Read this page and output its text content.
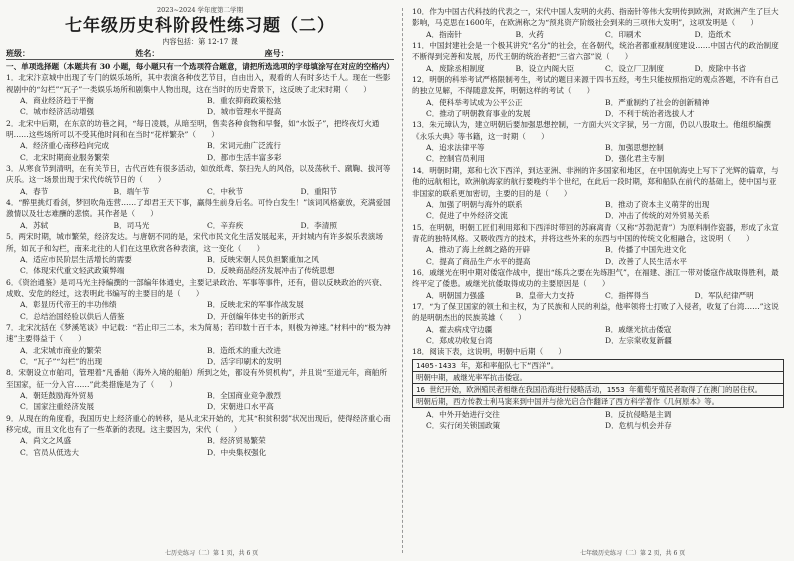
2023~2024 学年度第二学期
七年级历史科阶段性练习题（二）
内容包括：第 12-17 课
班级：	姓名：	座号：
一、单项选择题（本题共有 30 小题，每小题只有一个选项符合题意，请把所选选项的字母填涂写在对应的空格内）
1．北宋汴京城中出现了专门的娱乐场所，其中表演各种伎艺节目，自由出入，观看的人有时多达千人。现在一些影视剧中的“勾栏”“瓦子”一类娱乐场所和剧集中人物出现，这在当时的历史背景下，这反映了北宋时期（　　）
A．商业经济趋于平衡	B．重农抑商政策松弛
C．城市经济活动增强	D．城市管理水平提高
2．北宋中后期，在东京的坊巷之间，“每日凌晨，从暗至明，售卖各种食物和早餐，如“水饭子”，把终夜灯火通明……这些场所可以不受其他时间和在当时“花样繁杂”（　　）
A．经济重心南移趋向完成	B．宋词元曲广泛流行
C．北宋时期商业服务繁荣	D．都市生活丰富多彩
3．从寒食节到清明，在有关节日，古代百姓有很多活动，如放纸鸢、祭扫先人的风俗，以及荡秋千、蹴鞠、拔河等庆乐。这一场景出现于宋代传统节日的（　　）
A．春节	B．端午节	C．中秋节	D．重阳节
4．“醉里挑灯看剑，梦回吹角连营……了却君王天下事，赢得生前身后名。可怜白发生！”该词风格豪放，充满爱国激情以及壮志难酬的悲愤。其作者是（　　）
A．苏轼	B．司马光	C．辛弃疾	D．李清照
5．两宋时期，城市繁荣，经济发达。与唐朝不同的是，宋代市民文化生活发展起来，开封城内有许多娱乐表演场所，如瓦子和勾栏，南来北往的人们在这里欣赏各种表演，这一变化（　　）
A．适应市民阶层生活增长的需要	B．反映宋朝人民负担繁重加之风
C．体现宋代重文轻武政策弊端	D．反映商品经济发展冲击了传统思想
6．《资治通鉴》是司马光主持编撰的一部编年体通史，主要记录政治、军事等事件，还有，借以反映政治的兴衰、成败、安危的经过，这表明此书编写的主要目的是（　　）
A．彰显历代帝王的丰功伟绩	B．反映北宋的军事作战发展
C．总结治国经验以供后人借鉴	D．开创编年体史书的新形式
7．北宋沈括在《梦溪笔谈》中记载：“若止印三二本，未为简易；若印数十百千本，则极为神速。”材料中的“极为神速”主要得益于（　　）
A．北宋城市商业的繁荣	B．造纸术的重大改进
C．“瓦子”“勾栏”的出现	D．活字印刷术的发明
8．宋朝设立市舶司，管理着“凡番舶（海外入境的船舶）所到之处，都设有外贸机构”，并且说“至道元年，商舶所至国家，征一分入官……”此类措施是为了（　　）
A．朝廷鼓励海外贸易	B．全国商业竞争激烈
C．国家注重经济发展	D．宋朝进口水平高
9．从现在的角度看，我国历史上经济重心的转移，是从北宋开始的，尤其“积贫积弱”状况出现后，使得经济重心南移完成，而且文化也有了一些革新的表现。这主要因为，宋代（　　）
A．尚文之风盛	B．经济贸易繁荣
C．官员从低选大	D．中央集权强化
10．作为中国古代科技的代表之一，宋代中国人发明的火药、指南针等伟大发明传到欧洲，对欧洲产生了巨大影响，马克思在1600年，在欧洲称之为“预兆资产阶级社会到来的三项伟大发明”，这项发明是（　　）
A．指南针	B．火药	C．印刷术	D．造纸术
11．中国封建社会是一个极其讲究“名分”的社会，在各朝代，统治者都重视制度建设……中国古代的政治制度不断得到完善和发展，历代王朝的统治者把“三省六部”说（　　）
A．废除丞相制度	B．设立内阁大臣	C．设立厂卫制度	D．废除中书省
12．明朝的科举考试严格限制考生，考试的题目来源于四书五经，考生只能按照指定的观点答题，不许有自己的独立见解，不得随意发挥，明朝这样的考试（　　）
A．使科举考试成为公平公正	B．严重制约了社会的创新精神
C．推动了明朝教育事业的发展	D．不利于统治者选拔人才
13．朱元璋认为，建立明朝后要加强思想控制，一方面大兴文字狱，另一方面，仍以八股取士。他组织编撰《永乐大典》等书籍，这一时期（　　）
A．追求法律平等	B．加强思想控制
C．控制官员利用	D．强化君主专制
14．明朝时期，郑和七次下西洋，到达亚洲、非洲的许多国家和地区，在中国航海史上写下了光辉的篇章，与他的远航相比，欧洲航海家的航行要晚约半个世纪，在此后一段时期，郑和船队在前代的基础上，使中国与亚非国家的联系更加密切，主要的目的是（　　）
A．加强了明朝与海外的联系	B．推动了资本主义萌芽的出现
C．促进了中外经济交流	D．冲击了传统的对外贸易关系
15．在明朝，明朝工匠们利用郑和下西洋时带回的苏麻离青（又称“苏勃泥青”）为原料制作瓷器，形成了永宣青花的独特风格。又吸收西方的技术，并将这些外来的东西与中国的传统文化相融合，这说明（　　）
A．推动了海上丝绸之路的开辟	B．传播了中国先进文化
C．提高了商品生产水平的提高	D．改善了人民生活水平
16．戚继光在明中期对倭寇作战中，提出“练兵之要在先练胆气”，在福建、浙江一带对倭寇作战取得胜利，最终平定了倭患。戚继光抗倭取得成功的主要原因是（　　）
A．明朝国力强盛	B．皇帝大力支持	C．指挥得当	D．军队纪律严明
17．“为了保卫国家的领土和主权，为了民族和人民的利益，他率领将士打败了入侵者，收复了台湾……”这说的是明朝杰出的民族英雄（　　）
A．霍去病戍守边疆	B．戚继光抗击倭寇
C．郑成功收复台湾	D．左宗棠收复新疆
18．阅读下表，这说明，明朝中后期（　　）
1405-1433 年，郑和率船队七下“西洋”。
明朝中期，戚继光率军抗击倭寇。
16 世纪开始，欧洲殖民者相继在我国沿海进行侵略活动，1553 年葡萄牙殖民者取得了在澳门的居住权。
明朝后期，西方传教士利马窦来到中国并与徐光启合作翻译了西方科学著作《几何原本》等。
A．中外开始进行交往	B．反抗侵略是主调
C．实行闭关锁国政策	D．危机与机会并存
七历史练习（二）第 1 页，共 6 页	七年级历史练习（二）第 2 页，共 6 页
